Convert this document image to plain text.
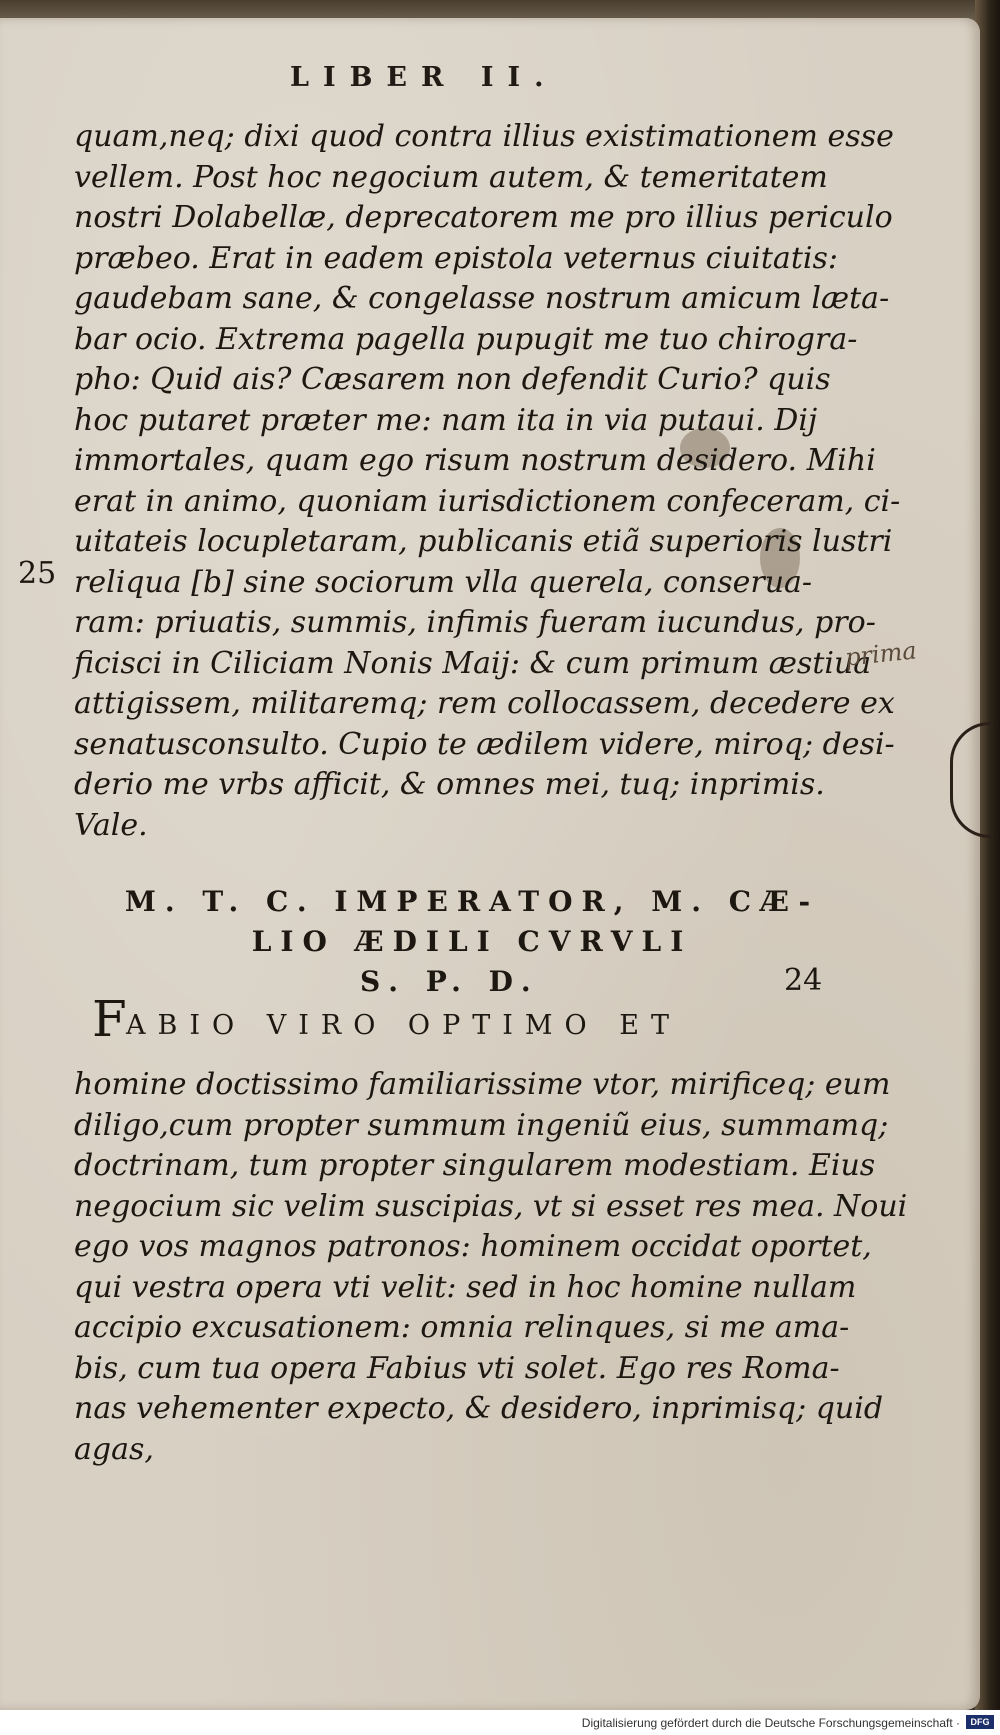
LIBER II.
quam,neq; dixi quod contra illius existimationem esse
vellem. Post hoc negocium autem, & temeritatem
nostri Dolabellæ, deprecatorem me pro illius periculo
præbeo. Erat in eadem epistola veternus ciuitatis:
gaudebam sane, & congelasse nostrum amicum læta-
bar ocio. Extrema pagella pupugit me tuo chirogra-
pho: Quid ais? Cæsarem non defendit Curio? quis
hoc putaret præter me: nam ita in via putaui. Dij
immortales, quam ego risum nostrum desidero. Mihi
erat in animo, quoniam iurisdictionem confeceram, ci-
uitateis locupletaram, publicanis etiã superioris lustri
reliqua [b] sine sociorum vlla querela, conserua-
ram: priuatis, summis, infimis fueram iucundus, pro-
ficisci in Ciliciam Nonis Maij: & cum primum æstiua
attigissem, militaremq; rem collocassem, decedere ex
senatusconsulto. Cupio te ædilem videre, miroq; desi-
derio me vrbs afficit, & omnes mei, tuq; inprimis.
Vale.
25
prima
M. T. C. IMPERATOR, M. CÆ-
LIO ÆDILI CVRVLI
S. P. D.	24
F ABIO VIRO OPTIMO ET
homine doctissimo familiarissime vtor, mirificeq; eum
diligo,cum propter summum ingeniũ eius, summamq;
doctrinam, tum propter singularem modestiam. Eius
negocium sic velim suscipias, vt si esset res mea. Noui
ego vos magnos patronos: hominem occidat oportet,
qui vestra opera vti velit: sed in hoc homine nullam
accipio excusationem: omnia relinques, si me ama-
bis, cum tua opera Fabius vti solet. Ego res Roma-
nas vehementer expecto, & desidero, inprimisq; quid
agas,
Digitalisierung gefördert durch die Deutsche Forschungsgemeinschaft ·	DFG
